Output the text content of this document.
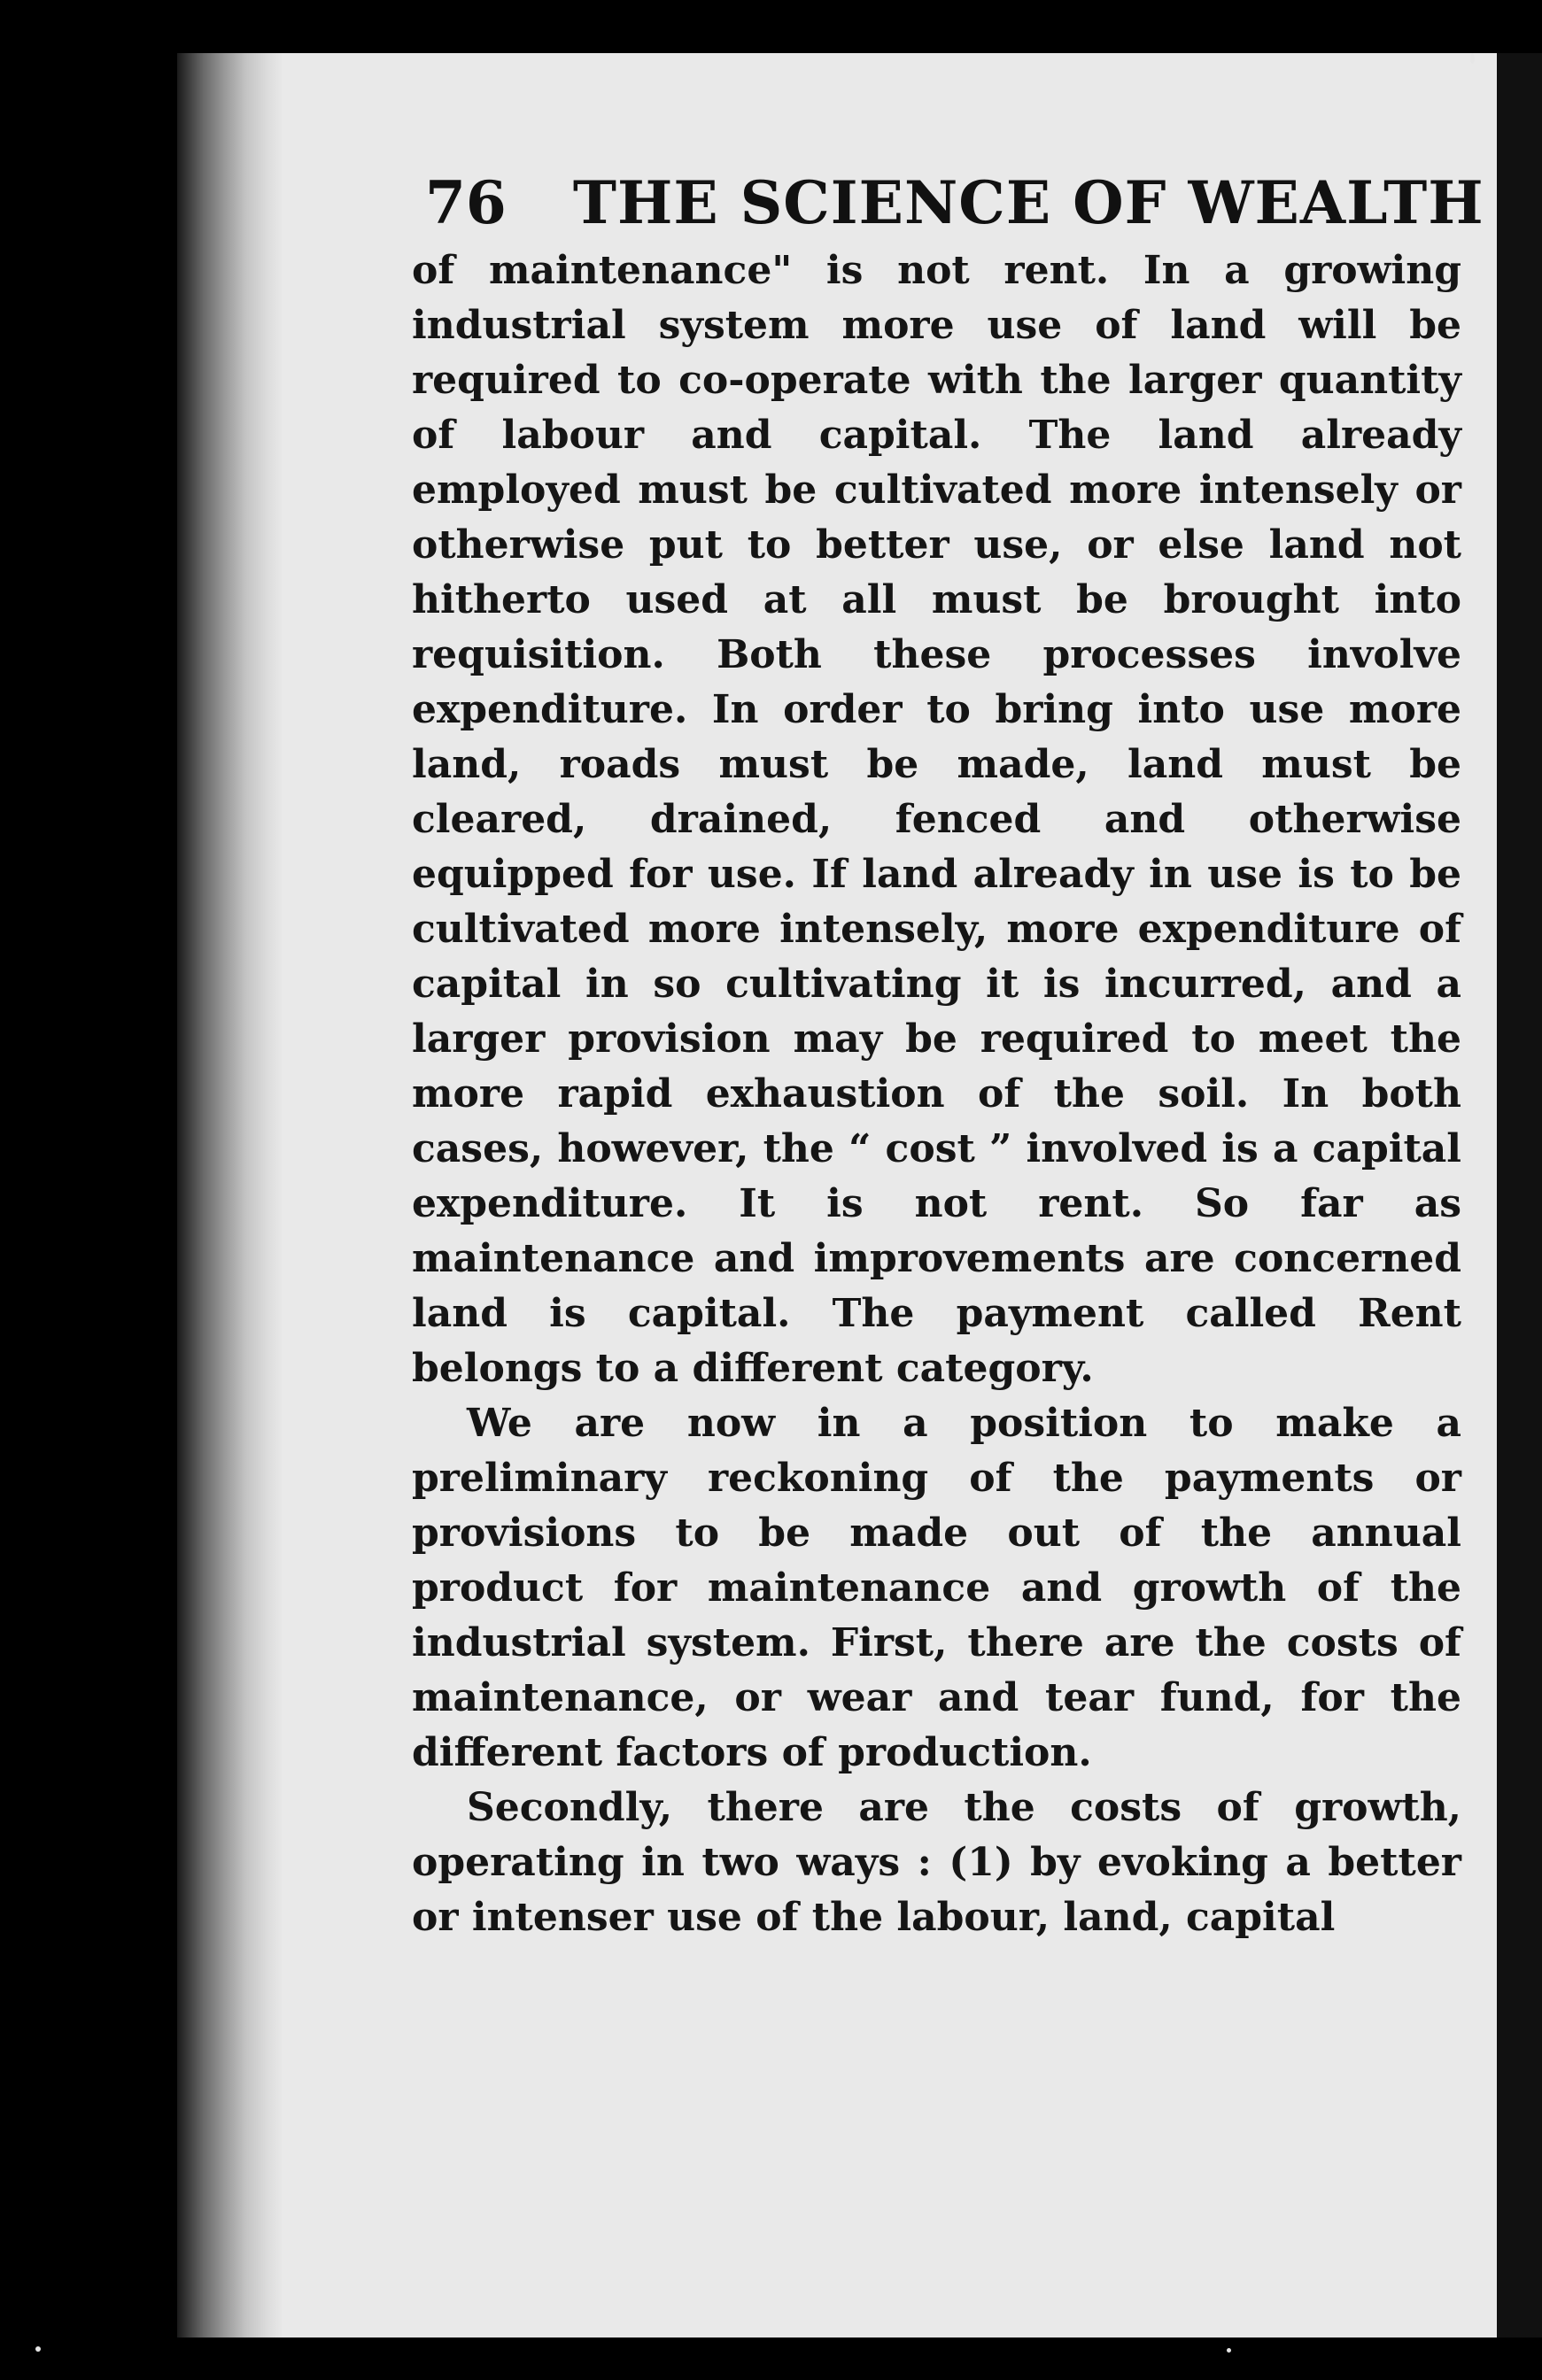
76 THE SCIENCE OF WEALTH

of maintenance" is not rent. In a growing industrial system more use of land will be required to co-operate with the larger quantity of labour and capital. The land already employed must be cultivated more intensely or otherwise put to better use, or else land not hitherto used at all must be brought into requisition. Both these processes involve expenditure. In order to bring into use more land, roads must be made, land must be cleared, drained, fenced and otherwise equipped for use. If land already in use is to be cultivated more intensely, more expenditure of capital in so cultivating it is incurred, and a larger provision may be required to meet the more rapid exhaustion of the soil. In both cases, however, the “ cost ” involved is a capital expenditure. It is not rent. So far as maintenance and improvements are concerned land is capital. The payment called Rent belongs to a different category.

We are now in a position to make a preliminary reckoning of the payments or provisions to be made out of the annual product for maintenance and growth of the industrial system. First, there are the costs of maintenance, or wear and tear fund, for the different factors of production.

Secondly, there are the costs of growth, operating in two ways : (1) by evoking a better or intenser use of the labour, land, capital
